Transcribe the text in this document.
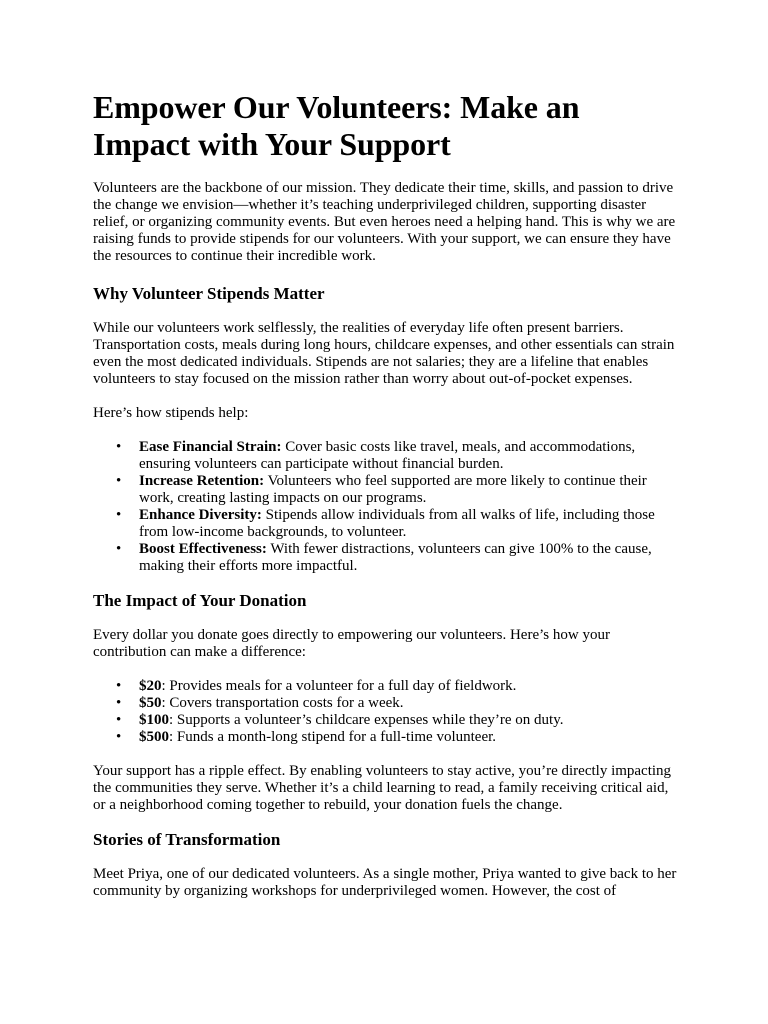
Empower Our Volunteers: Make an Impact with Your Support

Volunteers are the backbone of our mission. They dedicate their time, skills, and passion to drive the change we envision—whether it’s teaching underprivileged children, supporting disaster relief, or organizing community events. But even heroes need a helping hand. This is why we are raising funds to provide stipends for our volunteers. With your support, we can ensure they have the resources to continue their incredible work.

Why Volunteer Stipends Matter

While our volunteers work selflessly, the realities of everyday life often present barriers. Transportation costs, meals during long hours, childcare expenses, and other essentials can strain even the most dedicated individuals. Stipends are not salaries; they are a lifeline that enables volunteers to stay focused on the mission rather than worry about out-of-pocket expenses.

Here’s how stipends help:

• Ease Financial Strain: Cover basic costs like travel, meals, and accommodations, ensuring volunteers can participate without financial burden.
• Increase Retention: Volunteers who feel supported are more likely to continue their work, creating lasting impacts on our programs.
• Enhance Diversity: Stipends allow individuals from all walks of life, including those from low-income backgrounds, to volunteer.
• Boost Effectiveness: With fewer distractions, volunteers can give 100% to the cause, making their efforts more impactful.
The Impact of Your Donation

Every dollar you donate goes directly to empowering our volunteers. Here’s how your contribution can make a difference:

• $20: Provides meals for a volunteer for a full day of fieldwork.
• $50: Covers transportation costs for a week.
• $100: Supports a volunteer’s childcare expenses while they’re on duty.
• $500: Funds a month-long stipend for a full-time volunteer.

Your support has a ripple effect. By enabling volunteers to stay active, you’re directly impacting the communities they serve. Whether it’s a child learning to read, a family receiving critical aid, or a neighborhood coming together to rebuild, your donation fuels the change.

Stories of Transformation

Meet Priya, one of our dedicated volunteers. As a single mother, Priya wanted to give back to her community by organizing workshops for underprivileged women. However, the cost of
